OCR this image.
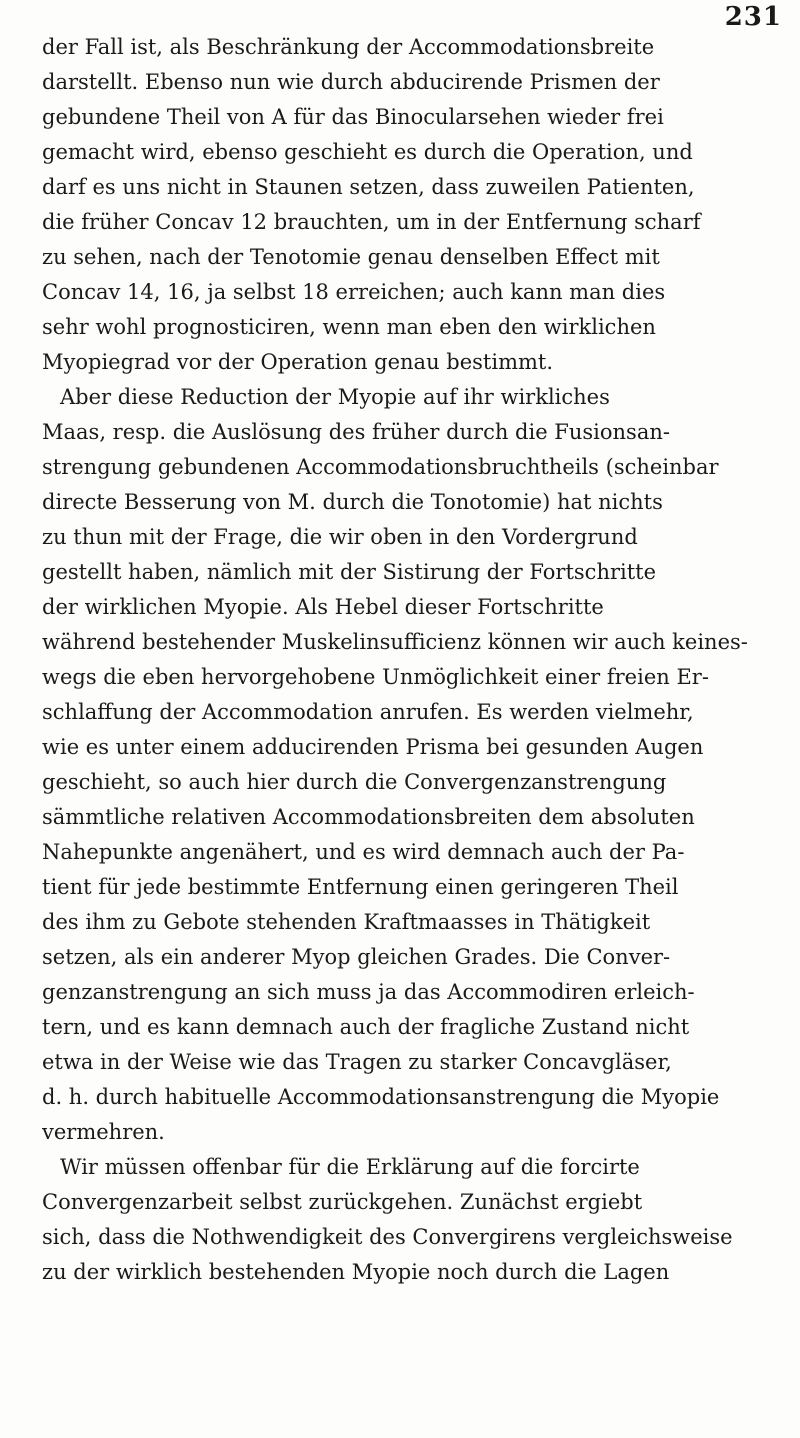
231
der Fall ist, als Beschränkung der Accommodationsbreite
darstellt. Ebenso nun wie durch abducirende Prismen der
gebundene Theil von A für das Binocularsehen wieder frei
gemacht wird, ebenso geschieht es durch die Operation, und
darf es uns nicht in Staunen setzen, dass zuweilen Patienten,
die früher Concav 12 brauchten, um in der Entfernung scharf
zu sehen, nach der Tenotomie genau denselben Effect mit
Concav 14, 16, ja selbst 18 erreichen; auch kann man dies
sehr wohl prognosticiren, wenn man eben den wirklichen
Myopiegrad vor der Operation genau bestimmt.
Aber diese Reduction der Myopie auf ihr wirkliches
Maas, resp. die Auslösung des früher durch die Fusionsan-
strengung gebundenen Accommodationsbruchtheils (scheinbar
directe Besserung von M. durch die Tonotomie) hat nichts
zu thun mit der Frage, die wir oben in den Vordergrund
gestellt haben, nämlich mit der Sistirung der Fortschritte
der wirklichen Myopie. Als Hebel dieser Fortschritte
während bestehender Muskelinsufficienz können wir auch keines-
wegs die eben hervorgehobene Unmöglichkeit einer freien Er-
schlaffung der Accommodation anrufen. Es werden vielmehr,
wie es unter einem adducirenden Prisma bei gesunden Augen
geschieht, so auch hier durch die Convergenzanstrengung
sämmtliche relativen Accommodationsbreiten dem absoluten
Nahepunkte angenähert, und es wird demnach auch der Pa-
tient für jede bestimmte Entfernung einen geringeren Theil
des ihm zu Gebote stehenden Kraftmaasses in Thätigkeit
setzen, als ein anderer Myop gleichen Grades. Die Conver-
genzanstrengung an sich muss ja das Accommodiren erleich-
tern, und es kann demnach auch der fragliche Zustand nicht
etwa in der Weise wie das Tragen zu starker Concavgläser,
d. h. durch habituelle Accommodationsanstrengung die Myopie
vermehren.
Wir müssen offenbar für die Erklärung auf die forcirte
Convergenzarbeit selbst zurückgehen. Zunächst ergiebt
sich, dass die Nothwendigkeit des Convergirens vergleichsweise
zu der wirklich bestehenden Myopie noch durch die Lagen
